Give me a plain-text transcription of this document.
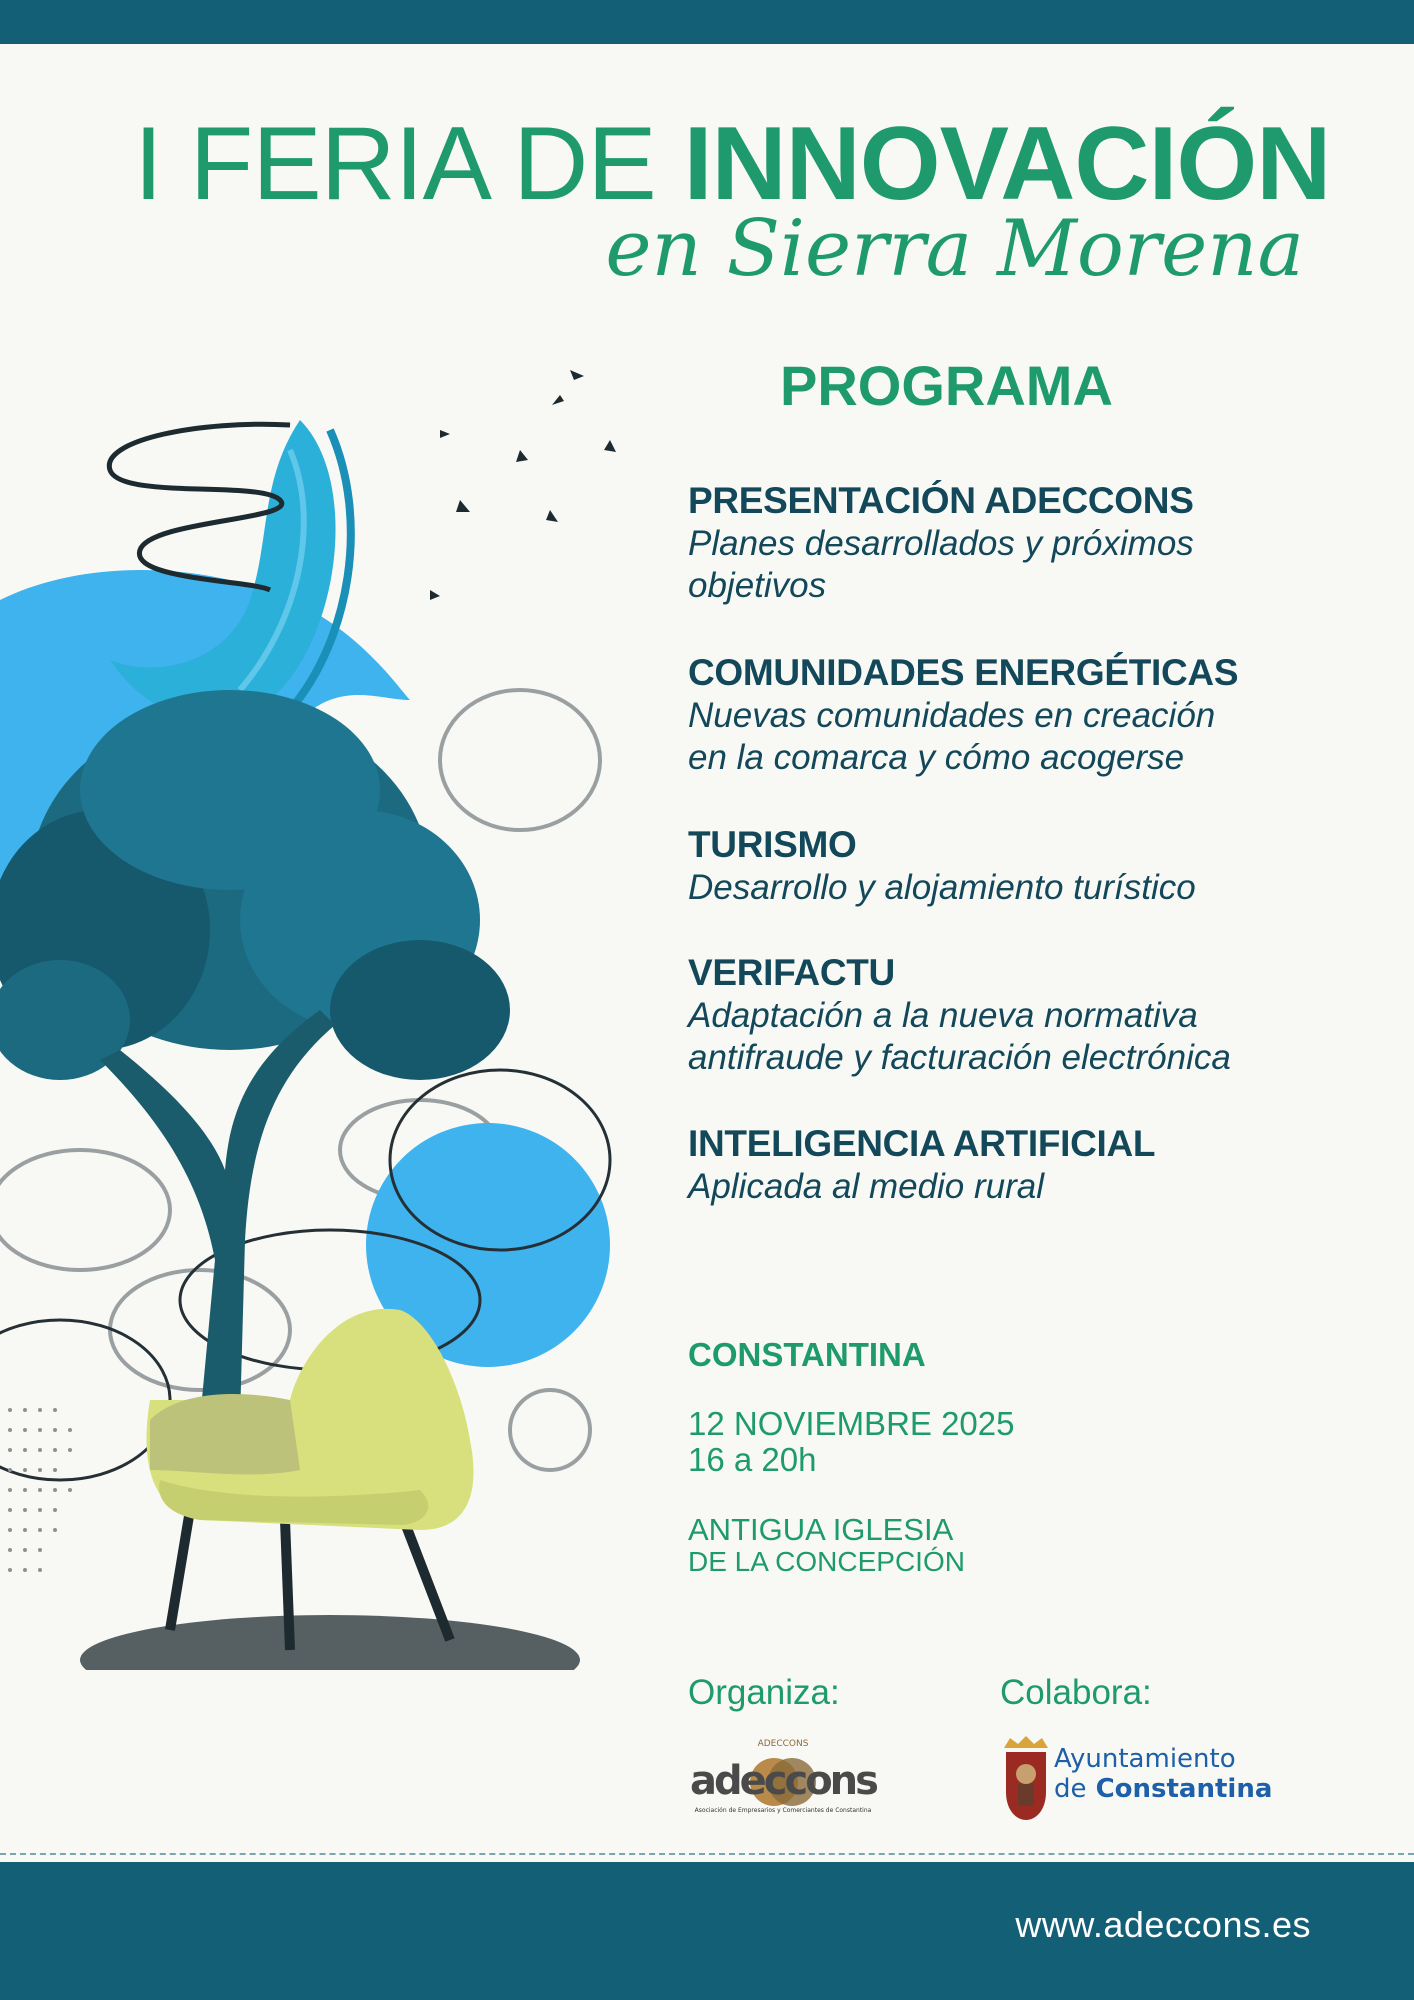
I FERIA DE INNOVACIÓN
en Sierra Morena
PROGRAMA
PRESENTACIÓN ADECCONS
Planes desarrollados y próximos
objetivos
COMUNIDADES ENERGÉTICAS
Nuevas comunidades en creación
en la comarca y cómo acogerse
TURISMO
Desarrollo y alojamiento turístico
VERIFACTU
Adaptación a la nueva normativa
antifraude y facturación electrónica
INTELIGENCIA ARTIFICIAL
Aplicada al medio rural
CONSTANTINA
12 NOVIEMBRE 2025
16 a 20h
ANTIGUA IGLESIA
DE LA CONCEPCIÓN
Organiza:	Colabora:
ADECCONS
adeccons
Asociación de Empresarios y Comerciantes de Constantina
Ayuntamiento
de Constantina
www.adeccons.es
